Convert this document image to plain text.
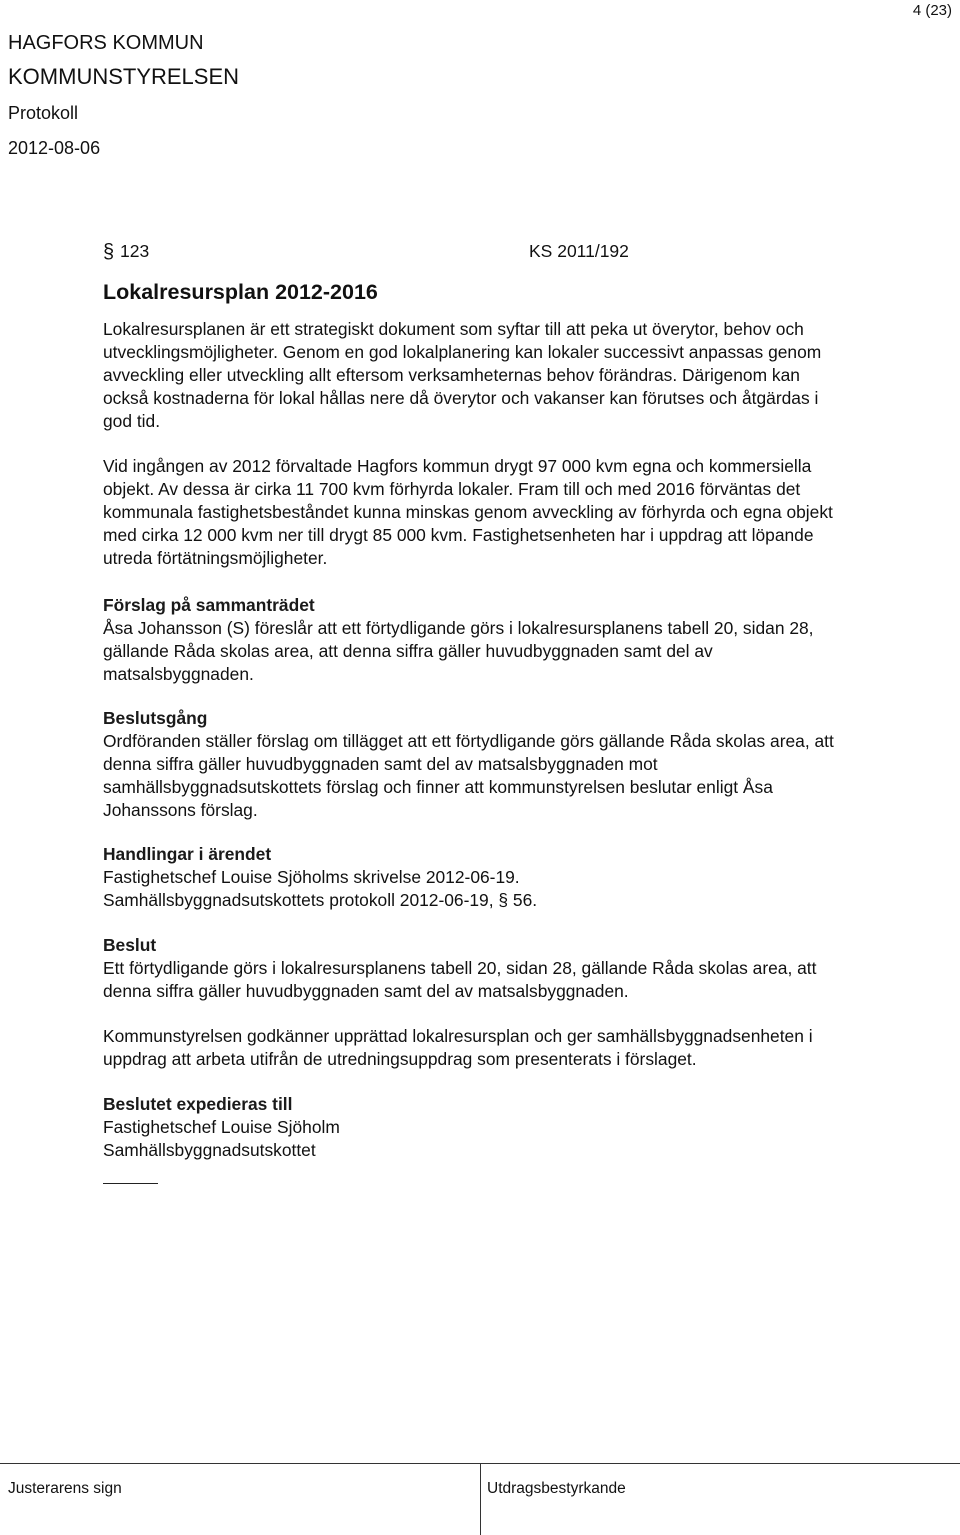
HAGFORS KOMMUN
KOMMUNSTYRELSEN
Protokoll
2012-08-06
4 (23)
§ 123	KS 2011/192
Lokalresursplan 2012-2016
Lokalresursplanen är ett strategiskt dokument som syftar till att peka ut överytor, behov och
utvecklingsmöjligheter. Genom en god lokalplanering kan lokaler successivt anpassas genom
avveckling eller utveckling allt eftersom verksamheternas behov förändras. Därigenom kan
också kostnaderna för lokal hållas nere då överytor och vakanser kan förutses och åtgärdas i
god tid.
Vid ingången av 2012 förvaltade Hagfors kommun drygt 97 000 kvm egna och kommersiella
objekt. Av dessa är cirka 11 700 kvm förhyrda lokaler. Fram till och med 2016 förväntas det
kommunala fastighetsbeståndet kunna minskas genom avveckling av förhyrda och egna objekt
med cirka 12 000 kvm ner till drygt 85 000 kvm. Fastighetsenheten har i uppdrag att löpande
utreda förtätningsmöjligheter.
Förslag på sammanträdet
Åsa Johansson (S) föreslår att ett förtydligande görs i lokalresursplanens tabell 20, sidan 28,
gällande Råda skolas area, att denna siffra gäller huvudbyggnaden samt del av
matsalsbyggnaden.
Beslutsgång
Ordföranden ställer förslag om tillägget att ett förtydligande görs gällande Råda skolas area, att
denna siffra gäller huvudbyggnaden samt del av matsalsbyggnaden mot
samhällsbyggnadsutskottets förslag och finner att kommunstyrelsen beslutar enligt Åsa
Johanssons förslag.
Handlingar i ärendet
Fastighetschef Louise Sjöholms skrivelse 2012-06-19.
Samhällsbyggnadsutskottets protokoll 2012-06-19, § 56.
Beslut
Ett förtydligande görs i lokalresursplanens tabell 20, sidan 28, gällande Råda skolas area, att
denna siffra gäller huvudbyggnaden samt del av matsalsbyggnaden.
Kommunstyrelsen godkänner upprättad lokalresursplan och ger samhällsbyggnadsenheten i
uppdrag att arbeta utifrån de utredningsuppdrag som presenterats i förslaget.
Beslutet expedieras till
Fastighetschef Louise Sjöholm
Samhällsbyggnadsutskottet
Justerarens sign	Utdragsbestyrkande
